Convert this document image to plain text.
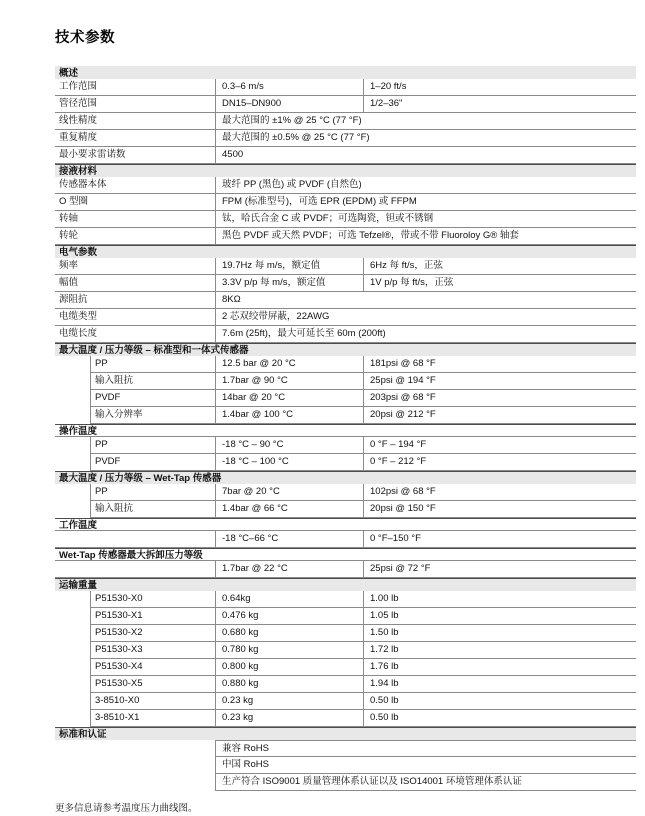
技术参数
概述
工作范围	0.3–6 m/s	1–20 ft/s
管径范围	DN15–DN900	1/2–36"
线性精度	最大范围的 ±1% @ 25 °C (77 °F)
重复精度	最大范围的 ±0.5% @ 25 °C (77 °F)
最小要求雷诺数	4500
接液材料
传感器本体	玻纤 PP (黑色) 或 PVDF (自然色)
O 型圈	FPM (标准型号)，可选 EPR (EPDM) 或 FFPM
转轴	钛，哈氏合金 C 或 PVDF；可选陶瓷，钽或不锈钢
转轮	黑色 PVDF 或天然 PVDF；可选 Tefzel®，带或不带 Fluoroloy G® 轴套
电气参数
频率	19.7Hz 每 m/s，额定值	6Hz 每 ft/s，正弦
幅值	3.3V p/p 每 m/s，额定值	1V p/p 每 ft/s，正弦
源阻抗	8KΩ
电缆类型	2 芯双绞带屏蔽，22AWG
电缆长度	7.6m (25ft)，最大可延长至 60m (200ft)
最大温度 / 压力等级 – 标准型和一体式传感器
PP	12.5 bar @ 20 °C	181psi @ 68 °F
输入阻抗	1.7bar @ 90 °C	25psi @ 194 °F
PVDF	14bar @ 20 °C	203psi @ 68 °F
输入分辨率	1.4bar @ 100 °C	20psi @ 212 °F
操作温度
PP	-18 °C – 90 °C	0 °F – 194 °F
PVDF	-18 °C – 100 °C	0 °F – 212 °F
最大温度 / 压力等级 – Wet-Tap 传感器
PP	7bar @ 20 °C	102psi @ 68 °F
输入阻抗	1.4bar @ 66 °C	20psi @ 150 °F
工作温度
-18 °C–66 °C	0 °F–150 °F
Wet-Tap 传感器最大拆卸压力等级
1.7bar @ 22 °C	25psi @ 72 °F
运输重量
P51530-X0	0.64kg	1.00 lb
P51530-X1	0.476 kg	1.05 lb
P51530-X2	0.680 kg	1.50 lb
P51530-X3	0.780 kg	1.72 lb
P51530-X4	0.800 kg	1.76 lb
P51530-X5	0.880 kg	1.94 lb
3-8510-X0	0.23 kg	0.50 lb
3-8510-X1	0.23 kg	0.50 lb
标准和认证
兼容 RoHS
中国 RoHS
生产符合 ISO9001 质量管理体系认证以及 ISO14001 环境管理体系认证
更多信息请参考温度压力曲线图。
